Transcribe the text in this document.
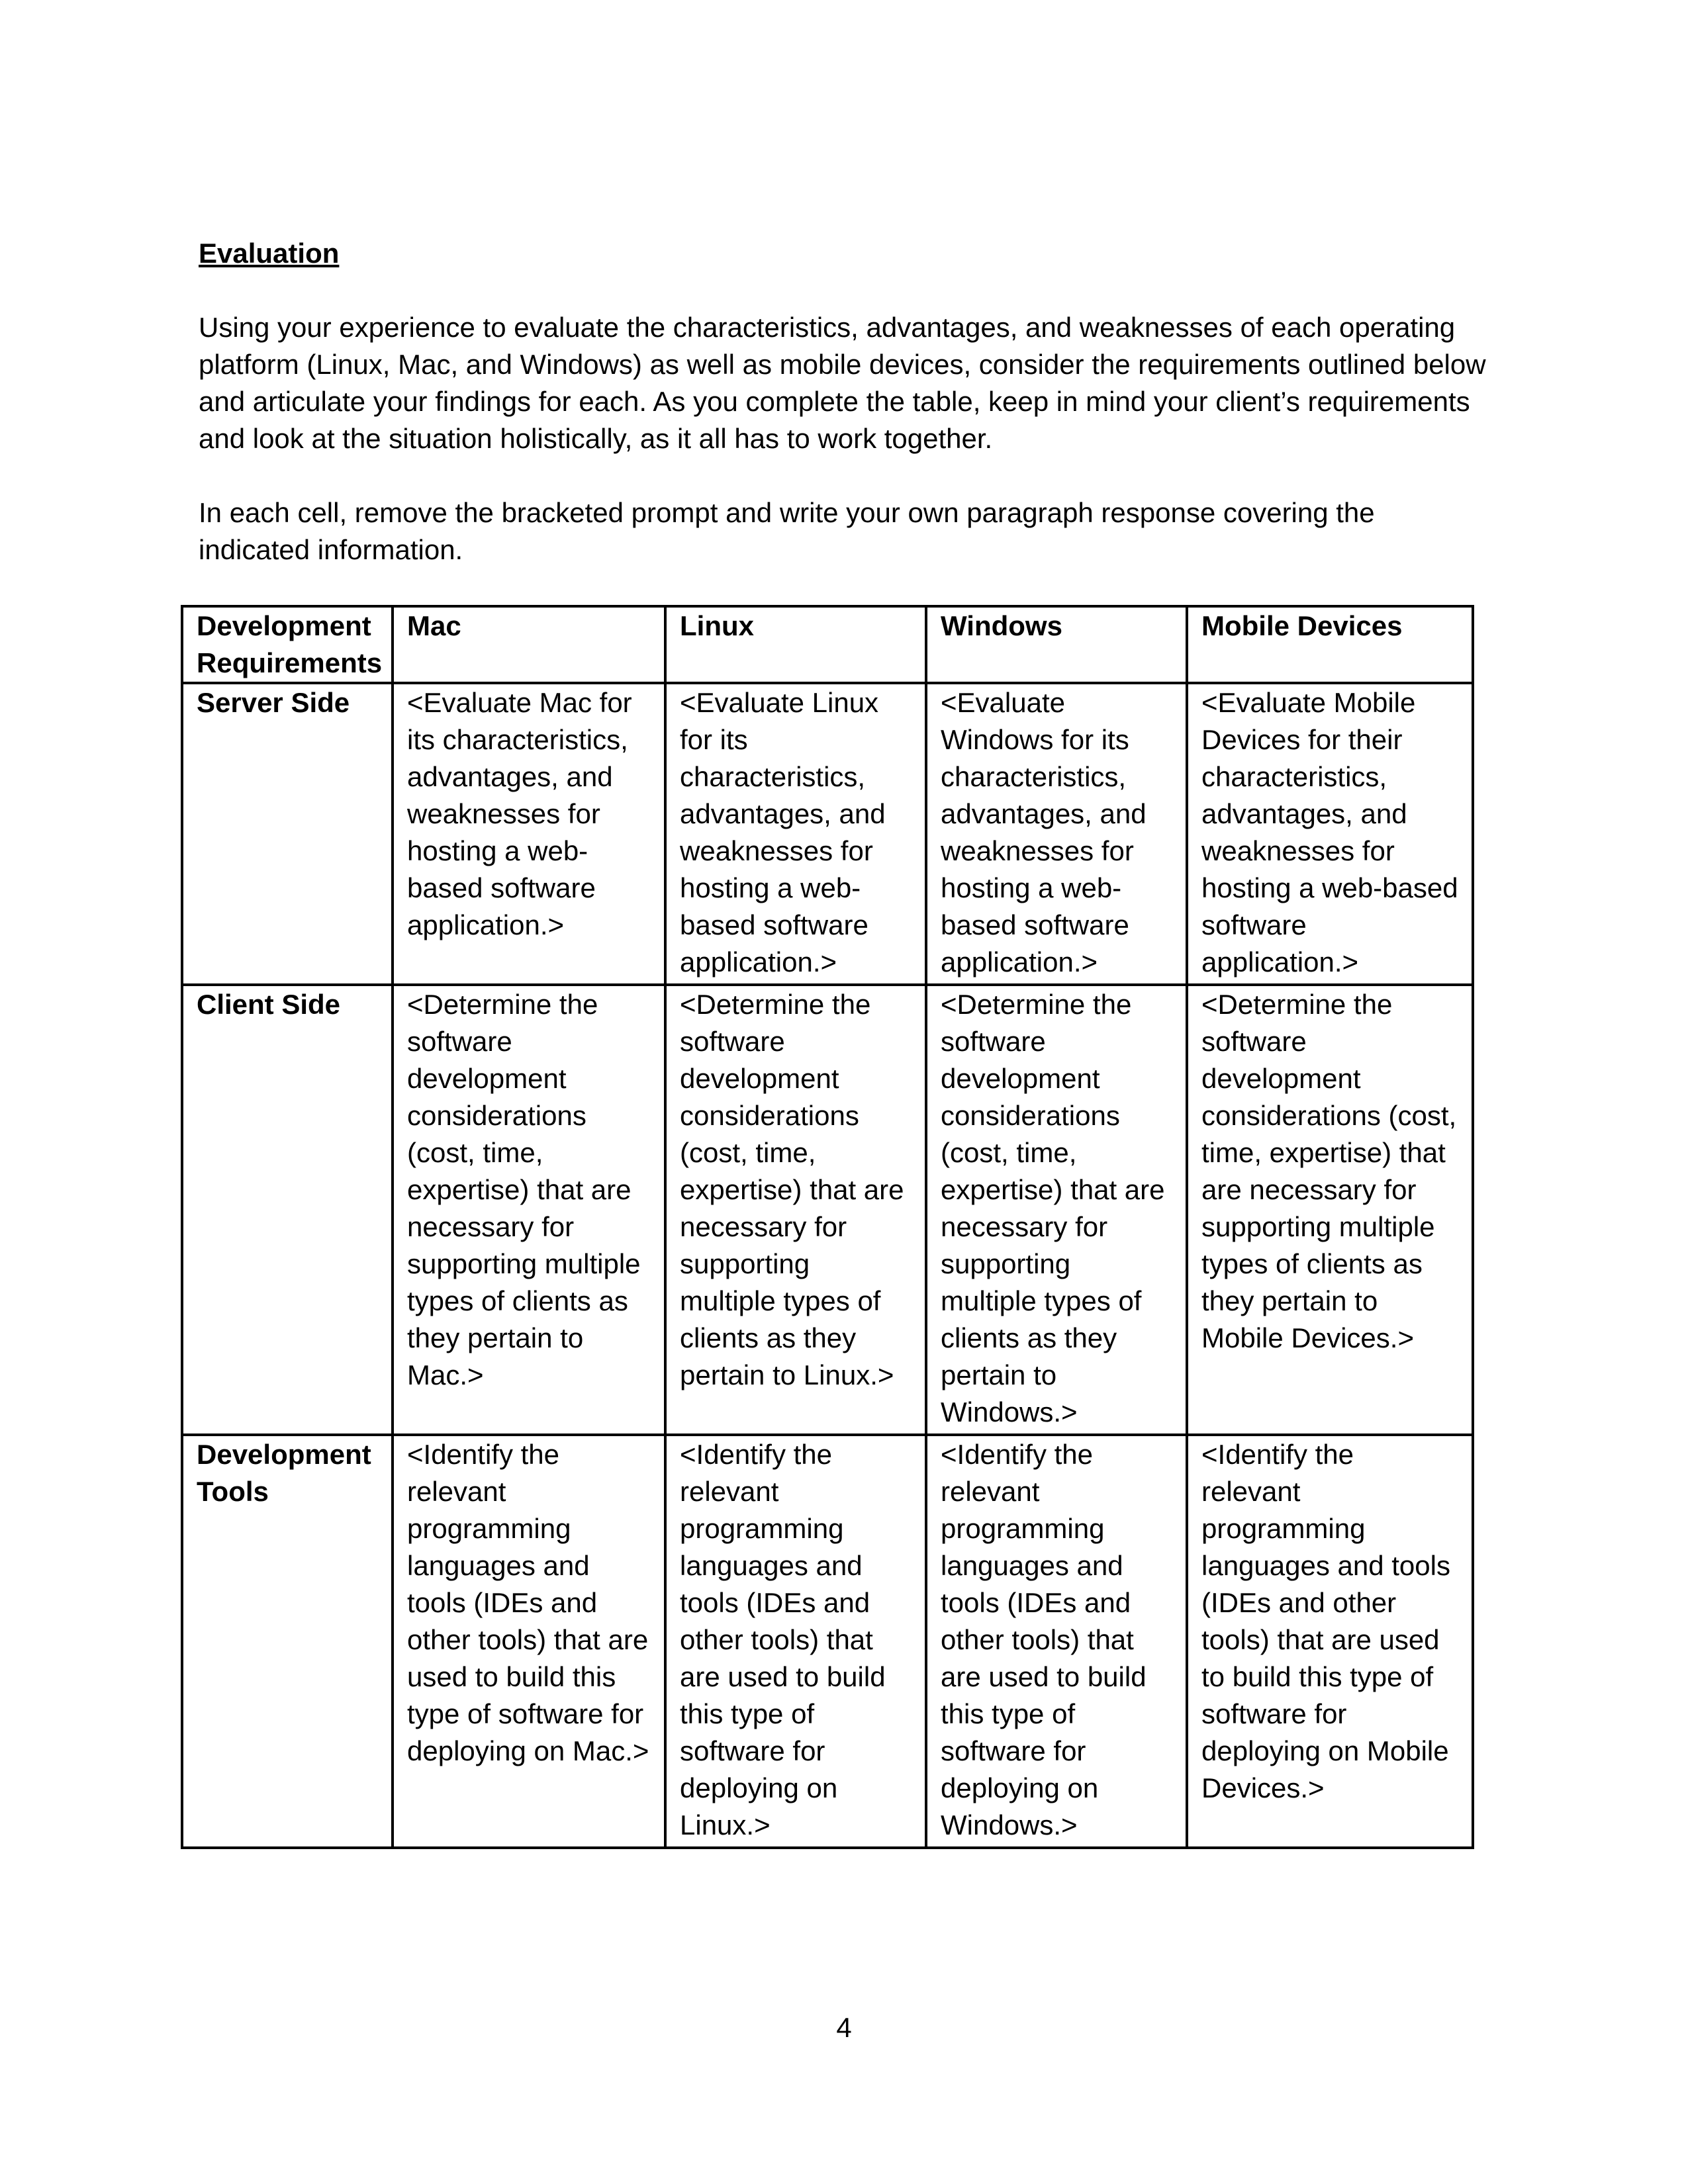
Evaluation

Using your experience to evaluate the characteristics, advantages, and weaknesses of each operating platform (Linux, Mac, and Windows) as well as mobile devices, consider the requirements outlined below and articulate your findings for each. As you complete the table, keep in mind your client’s requirements and look at the situation holistically, as it all has to work together.

In each cell, remove the bracketed prompt and write your own paragraph response covering the indicated information.

Development Requirements	Mac	Linux	Windows	Mobile Devices
Server Side	<Evaluate Mac for its characteristics, advantages, and weaknesses for hosting a web-based software application.>	<Evaluate Linux for its characteristics, advantages, and weaknesses for hosting a web-based software application.>	<Evaluate Windows for its characteristics, advantages, and weaknesses for hosting a web-based software application.>	<Evaluate Mobile Devices for their characteristics, advantages, and weaknesses for hosting a web-based software application.>
Client Side	<Determine the software development considerations (cost, time, expertise) that are necessary for supporting multiple types of clients as they pertain to Mac.>	<Determine the software development considerations (cost, time, expertise) that are necessary for supporting multiple types of clients as they pertain to Linux.>	<Determine the software development considerations (cost, time, expertise) that are necessary for supporting multiple types of clients as they pertain to Windows.>	<Determine the software development considerations (cost, time, expertise) that are necessary for supporting multiple types of clients as they pertain to Mobile Devices.>
Development Tools	<Identify the relevant programming languages and tools (IDEs and other tools) that are used to build this type of software for deploying on Mac.>	<Identify the relevant programming languages and tools (IDEs and other tools) that are used to build this type of software for deploying on Linux.>	<Identify the relevant programming languages and tools (IDEs and other tools) that are used to build this type of software for deploying on Windows.>	<Identify the relevant programming languages and tools (IDEs and other tools) that are used to build this type of software for deploying on Mobile Devices.>
4
